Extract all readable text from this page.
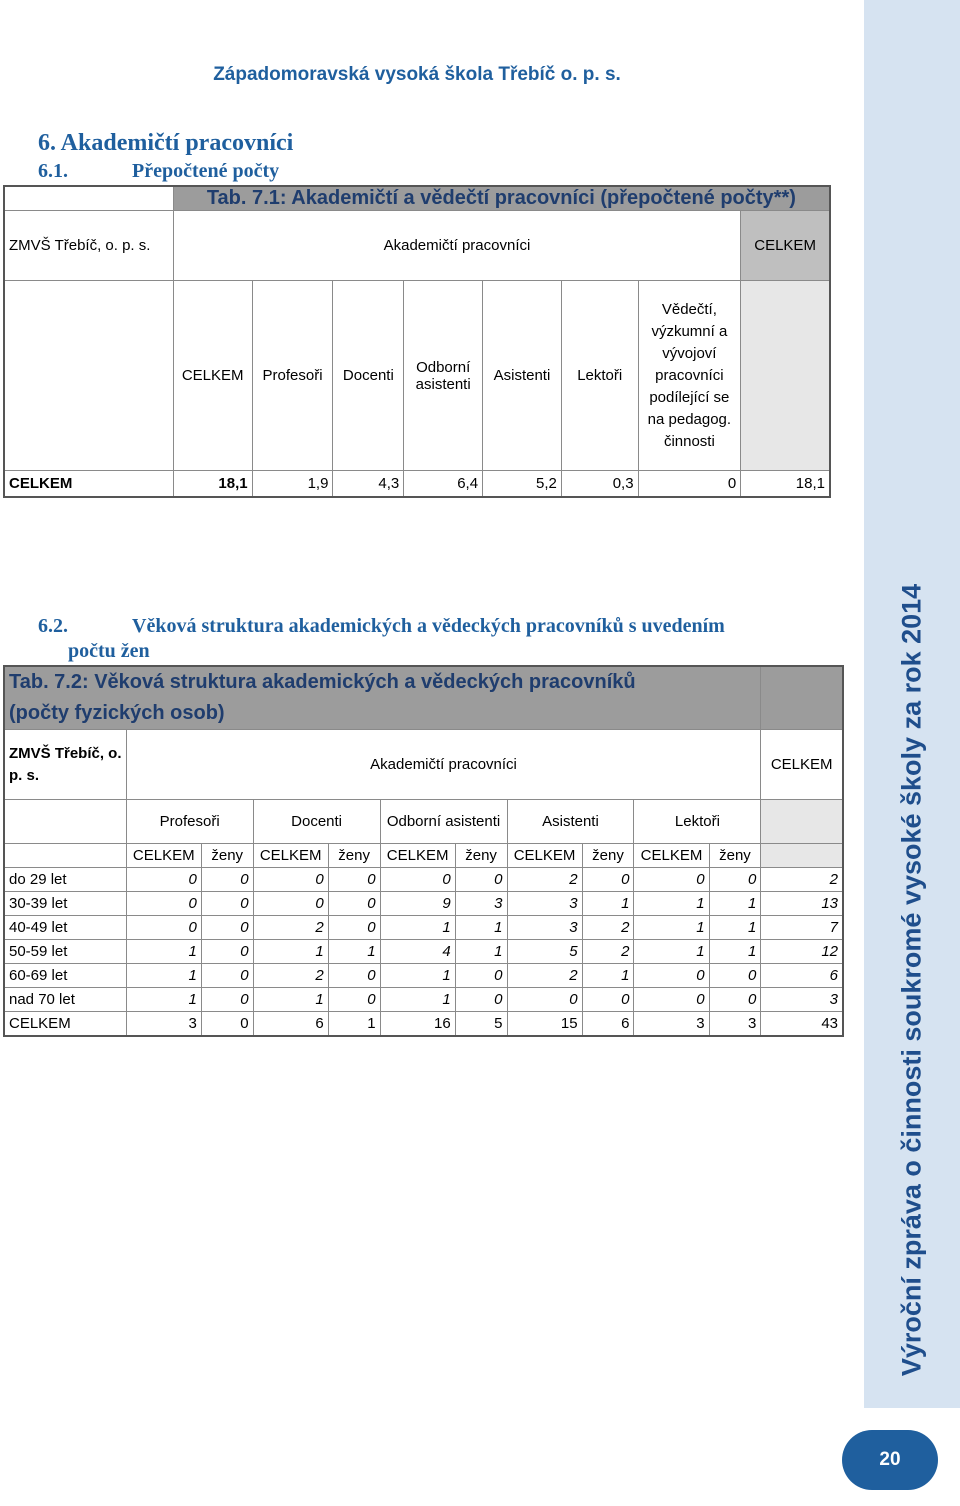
Západomoravská vysoká škola Třebíč o. p. s.
Výroční zpráva o činnosti soukromé vysoké školy za rok 2014
20
6. Akademičtí pracovníci
6.1.	Přepočtené počty
	Tab. 7.1: Akademičtí a vědečtí pracovníci (přepočtené počty**)							
ZMVŠ Třebíč, o. p. s.	Akademičtí pracovníci							CELKEM
	CELKEM	Profesoři	Docenti	Odborní asistenti	Asistenti	Lektoři	Vědečtí, výzkumní a vývojoví pracovníci podílející se na pedagog. činnosti	
CELKEM	18,1	1,9	4,3	6,4	5,2	0,3	0	18,1
6.2.	Věková struktura akademických a vědeckých pracovníků s uvedením
počtu žen
Tab. 7.2: Věková struktura akademických a vědeckých pracovníků
(počty fyzických osob)											
ZMVŠ Třebíč, o. p. s.	Akademičtí pracovníci										CELKEM
	Profesoři		Docenti		Odborní asistenti		Asistenti		Lektoři		
	CELKEM	ženy	CELKEM	ženy	CELKEM	ženy	CELKEM	ženy	CELKEM	ženy	
do 29 let	0	0	0	0	0	0	2	0	0	0	2
30-39 let	0	0	0	0	9	3	3	1	1	1	13
40-49 let	0	0	2	0	1	1	3	2	1	1	7
50-59 let	1	0	1	1	4	1	5	2	1	1	12
60-69 let	1	0	2	0	1	0	2	1	0	0	6
nad 70 let	1	0	1	0	1	0	0	0	0	0	3
CELKEM	3	0	6	1	16	5	15	6	3	3	43
